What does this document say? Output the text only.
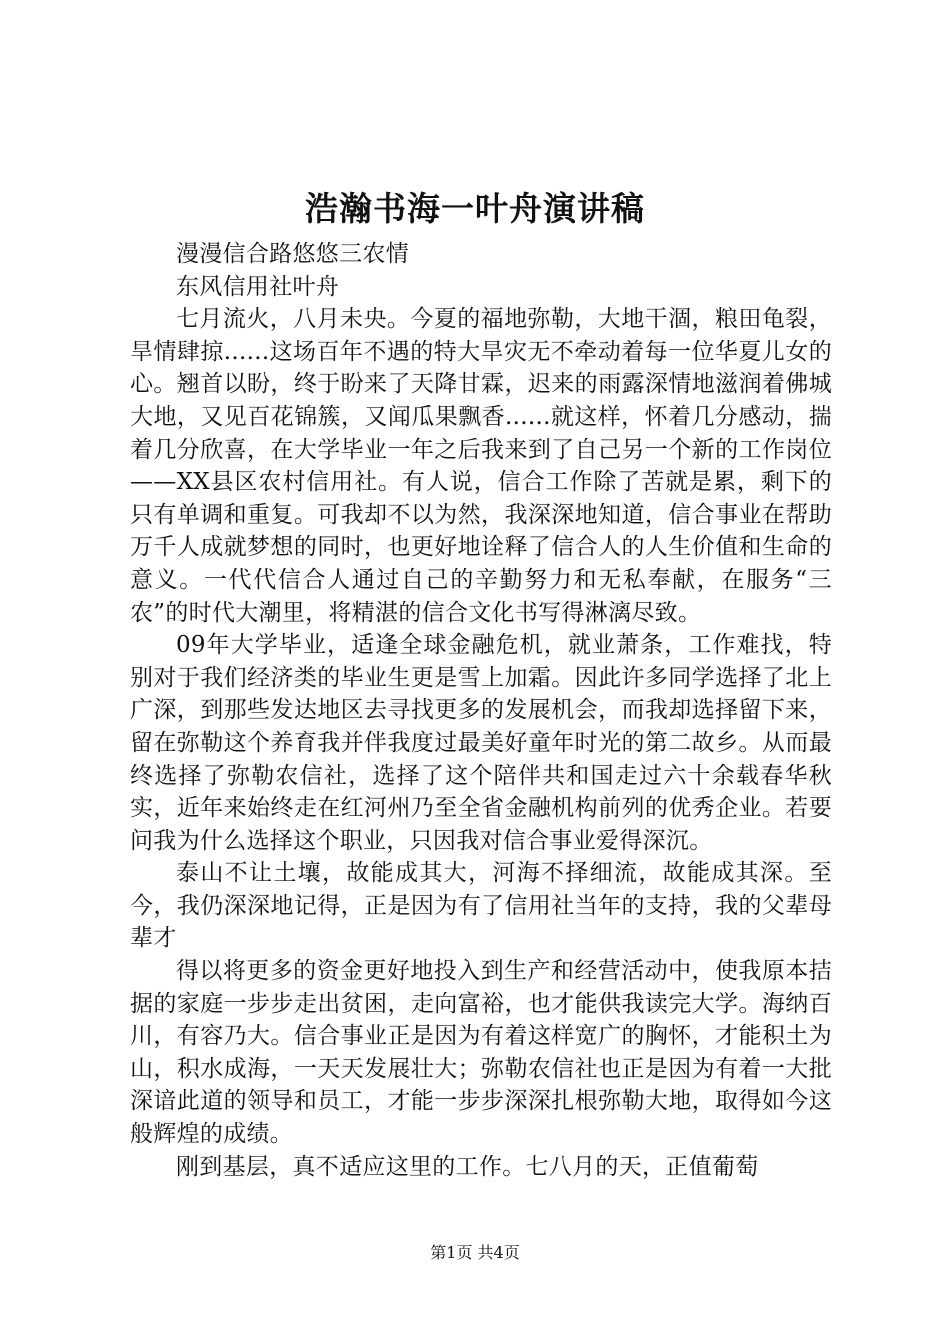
浩瀚书海一叶舟演讲稿

漫漫信合路悠悠三农情

东风信用社叶舟

七月流火，八月未央。今夏的福地弥勒，大地干涸，粮田龟裂，旱情肆掠......这场百年不遇的特大旱灾无不牵动着每一位华夏儿女的心。翘首以盼，终于盼来了天降甘霖，迟来的雨露深情地滋润着佛城大地，又见百花锦簇，又闻瓜果飘香......就这样，怀着几分感动，揣着几分欣喜，在大学毕业一年之后我来到了自己另一个新的工作岗位——XX县区农村信用社。有人说，信合工作除了苦就是累，剩下的只有单调和重复。可我却不以为然，我深深地知道，信合事业在帮助万千人成就梦想的同时，也更好地诠释了信合人的人生价值和生命的意义。一代代信合人通过自己的辛勤努力和无私奉献，在服务“三农”的时代大潮里，将精湛的信合文化书写得淋漓尽致。

09年大学毕业，适逢全球金融危机，就业萧条，工作难找，特别对于我们经济类的毕业生更是雪上加霜。因此许多同学选择了北上广深，到那些发达地区去寻找更多的发展机会，而我却选择留下来，留在弥勒这个养育我并伴我度过最美好童年时光的第二故乡。从而最终选择了弥勒农信社，选择了这个陪伴共和国走过六十余载春华秋实，近年来始终走在红河州乃至全省金融机构前列的优秀企业。若要问我为什么选择这个职业，只因我对信合事业爱得深沉。

泰山不让土壤，故能成其大，河海不择细流，故能成其深。至今，我仍深深地记得，正是因为有了信用社当年的支持，我的父辈母辈才

得以将更多的资金更好地投入到生产和经营活动中，使我原本拮据的家庭一步步走出贫困，走向富裕，也才能供我读完大学。海纳百川，有容乃大。信合事业正是因为有着这样宽广的胸怀，才能积土为山，积水成海，一天天发展壮大；弥勒农信社也正是因为有着一大批深谙此道的领导和员工，才能一步步深深扎根弥勒大地，取得如今这般辉煌的成绩。

刚到基层，真不适应这里的工作。七八月的天，正值葡萄

第1页 共4页
